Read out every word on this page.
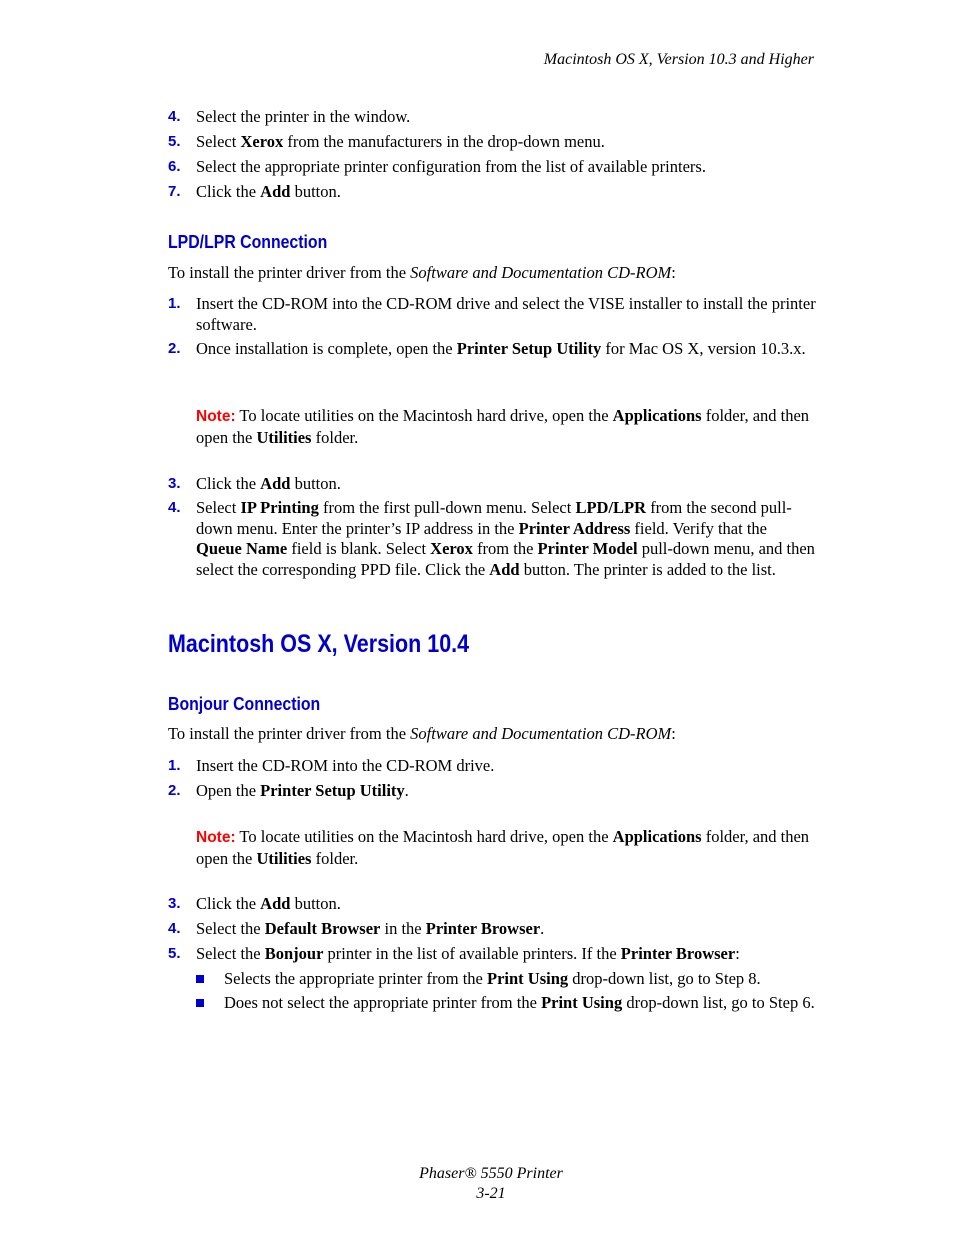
Macintosh OS X, Version 10.3 and Higher
4. Select the printer in the window.
5. Select Xerox from the manufacturers in the drop-down menu.
6. Select the appropriate printer configuration from the list of available printers.
7. Click the Add button.
LPD/LPR Connection
To install the printer driver from the Software and Documentation CD-ROM:
1. Insert the CD-ROM into the CD-ROM drive and select the VISE installer to install the printer software.
2. Once installation is complete, open the Printer Setup Utility for Mac OS X, version 10.3.x.
Note: To locate utilities on the Macintosh hard drive, open the Applications folder, and then open the Utilities folder.
3. Click the Add button.
4. Select IP Printing from the first pull-down menu. Select LPD/LPR from the second pull-down menu. Enter the printer’s IP address in the Printer Address field. Verify that the Queue Name field is blank. Select Xerox from the Printer Model pull-down menu, and then select the corresponding PPD file. Click the Add button. The printer is added to the list.
Macintosh OS X, Version 10.4
Bonjour Connection
To install the printer driver from the Software and Documentation CD-ROM:
1. Insert the CD-ROM into the CD-ROM drive.
2. Open the Printer Setup Utility.
Note: To locate utilities on the Macintosh hard drive, open the Applications folder, and then open the Utilities folder.
3. Click the Add button.
4. Select the Default Browser in the Printer Browser.
5. Select the Bonjour printer in the list of available printers. If the Printer Browser:
Selects the appropriate printer from the Print Using drop-down list, go to Step 8.
Does not select the appropriate printer from the Print Using drop-down list, go to Step 6.
Phaser® 5550 Printer
3-21
